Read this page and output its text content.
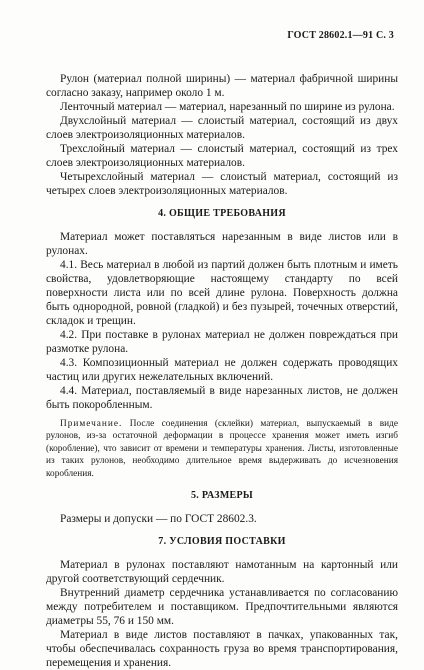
ГОСТ 28602.1—91 С. 3

Рулон (материал полной ширины) — материал фабричной ширины согласно заказу, например около 1 м.

Ленточный материал — материал, нарезанный по ширине из рулона.

Двухслойный материал — слоистый материал, состоящий из двух слоев электроизоляционных материалов.

Трехслойный материал — слоистый материал, состоящий из трех слоев электроизоляционных материалов.

Четырехслойный материал — слоистый материал, состоящий из четырех слоев электроизоляционных материалов.

4. ОБЩИЕ ТРЕБОВАНИЯ

Материал может поставляться нарезанным в виде листов или в рулонах.

4.1. Весь материал в любой из партий должен быть плотным и иметь свойства, удовлетворяющие настоящему стандарту по всей поверхности листа или по всей длине рулона. Поверхность должна быть однородной, ровной (гладкой) и без пузырей, точечных отверстий, складок и трещин.

4.2. При поставке в рулонах материал не должен повреждаться при размотке рулона.

4.3. Композиционный материал не должен содержать проводящих частиц или других нежелательных включений.

4.4. Материал, поставляемый в виде нарезанных листов, не должен быть покоробленным.

Примечание. После соединения (склейки) материал, выпускаемый в виде рулонов, из-за остаточной деформации в процессе хранения может иметь изгиб (коробление), что зависит от времени и температуры хранения. Листы, изготовленные из таких рулонов, необходимо длительное время выдерживать до исчезновения коробления.

5. РАЗМЕРЫ

Размеры и допуски — по ГОСТ 28602.3.

7. УСЛОВИЯ ПОСТАВКИ

Материал в рулонах поставляют намотанным на картонный или другой соответствующий сердечник.

Внутренний диаметр сердечника устанавливается по согласованию между потребителем и поставщиком. Предпочтительными являются диаметры 55, 76 и 150 мм.

Материал в виде листов поставляют в пачках, упакованных так, чтобы обеспечивалась сохранность груза во время транспортирования, перемещения и хранения.
